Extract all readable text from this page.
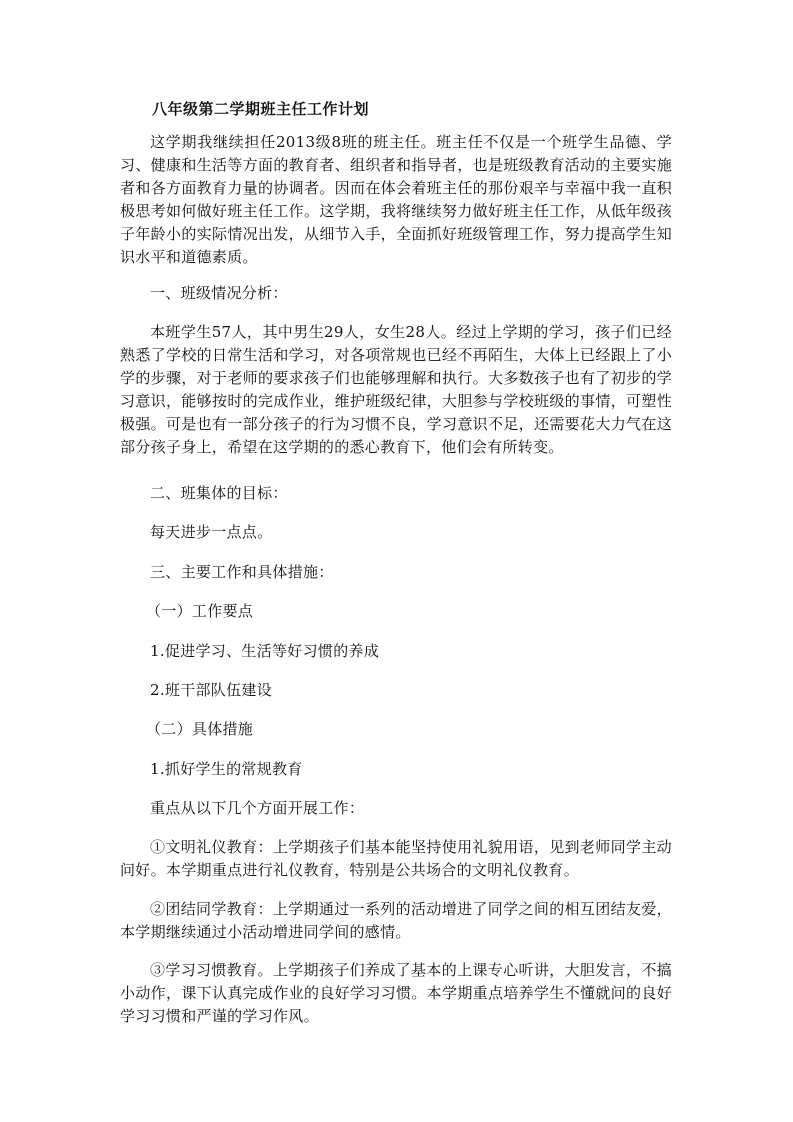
八年级第二学期班主任工作计划
这学期我继续担任2013级8班的班主任。班主任不仅是一个班学生品德、学习、健康和生活等方面的教育者、组织者和指导者，也是班级教育活动的主要实施者和各方面教育力量的协调者。因而在体会着班主任的那份艰辛与幸福中我一直积极思考如何做好班主任工作。这学期，我将继续努力做好班主任工作，从低年级孩子年龄小的实际情况出发，从细节入手，全面抓好班级管理工作，努力提高学生知识水平和道德素质。
一、班级情况分析：
本班学生57人，其中男生29人，女生28人。经过上学期的学习，孩子们已经熟悉了学校的日常生活和学习，对各项常规也已经不再陌生，大体上已经跟上了小学的步骤，对于老师的要求孩子们也能够理解和执行。大多数孩子也有了初步的学习意识，能够按时的完成作业，维护班级纪律，大胆参与学校班级的事情，可塑性极强。可是也有一部分孩子的行为习惯不良，学习意识不足，还需要花大力气在这部分孩子身上，希望在这学期的的悉心教育下，他们会有所转变。
二、班集体的目标：
每天进步一点点。
三、主要工作和具体措施：
（一）工作要点
1.促进学习、生活等好习惯的养成
2.班干部队伍建设
（二）具体措施
1.抓好学生的常规教育
重点从以下几个方面开展工作：
①文明礼仪教育：上学期孩子们基本能坚持使用礼貌用语，见到老师同学主动问好。本学期重点进行礼仪教育，特别是公共场合的文明礼仪教育。
②团结同学教育：上学期通过一系列的活动增进了同学之间的相互团结友爱，本学期继续通过小活动增进同学间的感情。
③学习习惯教育。上学期孩子们养成了基本的上课专心听讲，大胆发言，不搞小动作，课下认真完成作业的良好学习习惯。本学期重点培养学生不懂就问的良好学习习惯和严谨的学习作风。
